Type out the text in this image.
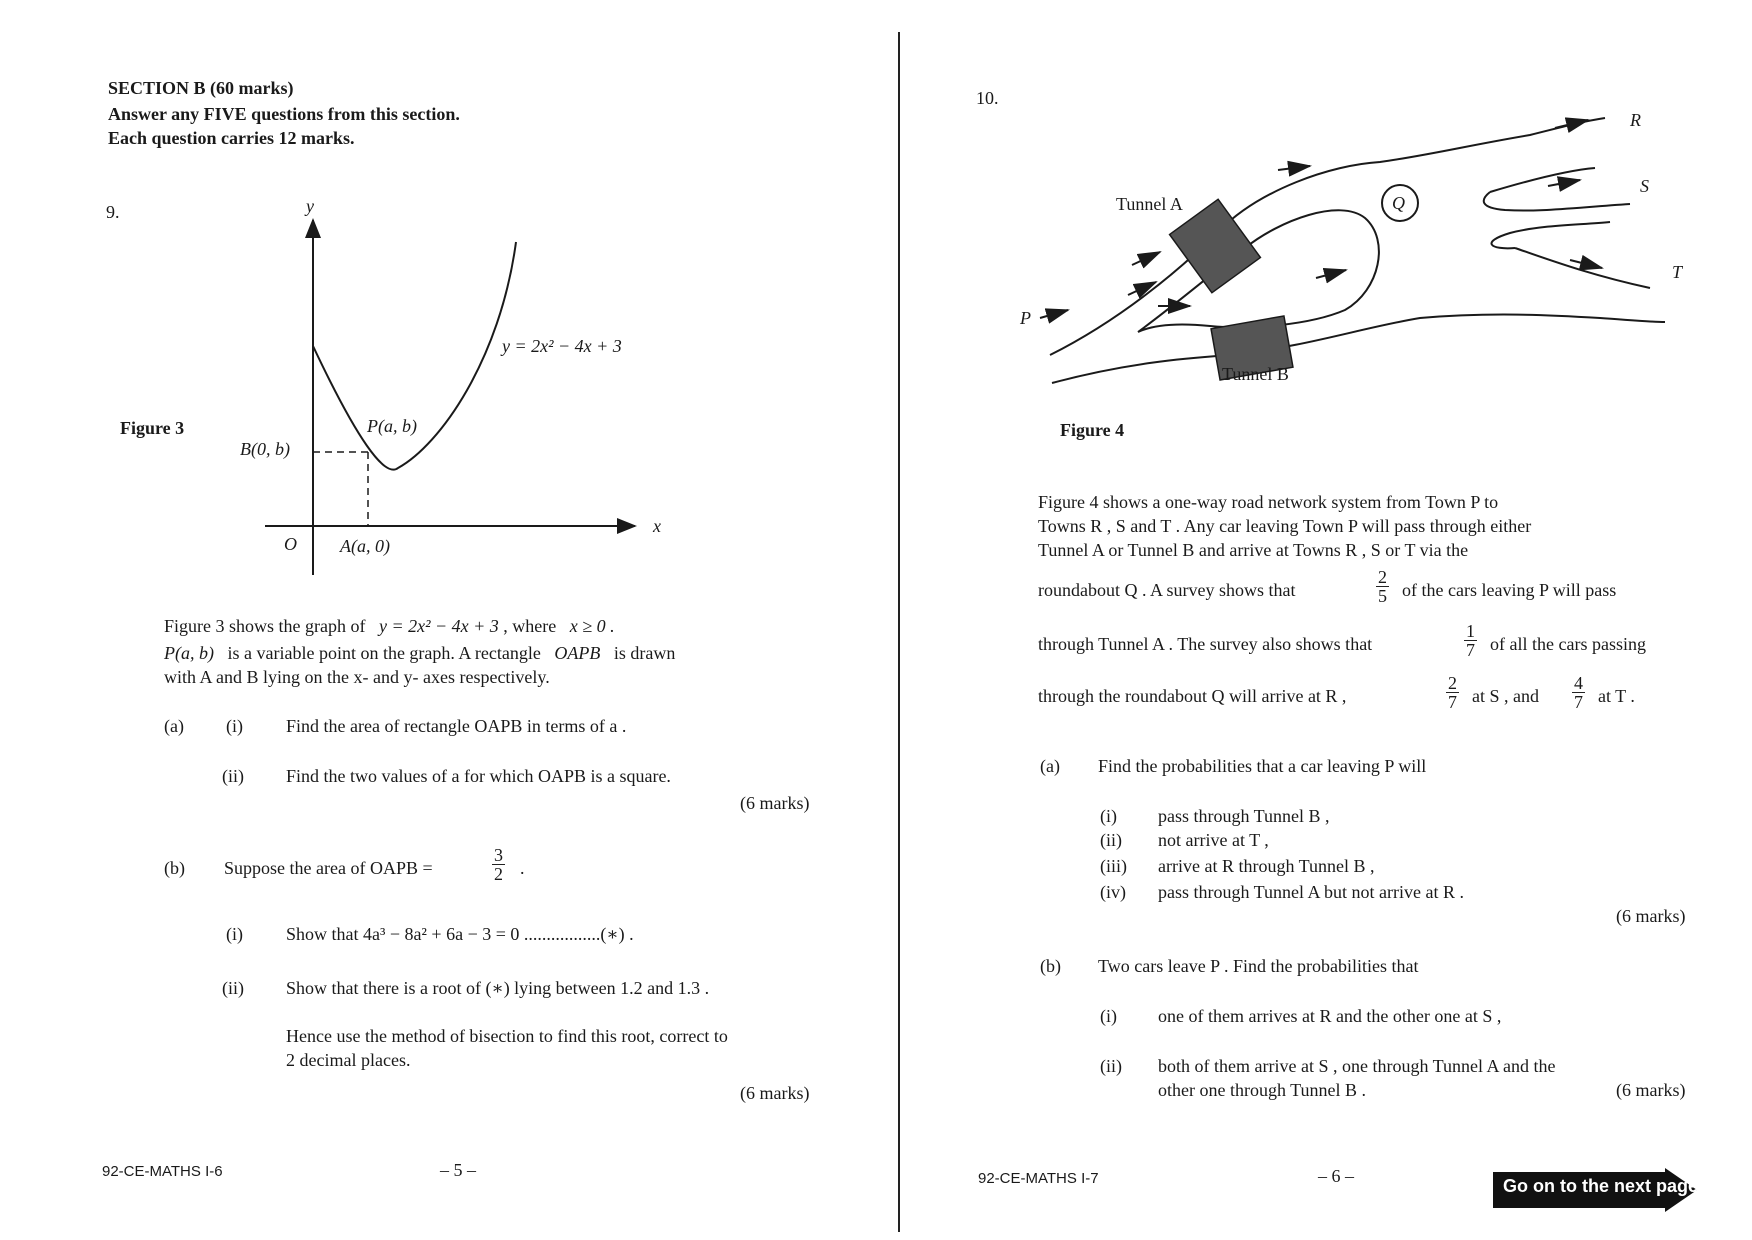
SECTION B (60 marks)
Answer any FIVE questions from this section.
Each question carries 12 marks.
9.
Figure 3
y
x
O
y = 2x² − 4x + 3
P(a, b)
B(0, b)
A(a, 0)
Figure 3 shows the graph of y = 2x² − 4x + 3 , where x ≥ 0 .
P(a, b) is a variable point on the graph. A rectangle OAPB is drawn
with A and B lying on the x- and y- axes respectively.
(a) (i) Find the area of rectangle OAPB in terms of a .
(ii) Find the two values of a for which OAPB is a square.
(6 marks)
(b) Suppose the area of OAPB =	$\frac{3}{2}$ .
(i) Show that 4a³ − 8a² + 6a − 3 = 0 .................(∗) .
(ii) Show that there is a root of (∗) lying between 1.2 and 1.3 .
Hence use the method of bisection to find this root, correct to
2 decimal places.
(6 marks)
92-CE-MATHS I-6	– 5 –
10.
P
Q
R
S
T
Tunnel A
Tunnel B
Figure 4
Figure 4 shows a one-way road network system from Town P to
Towns R , S and T . Any car leaving Town P will pass through either
Tunnel A or Tunnel B and arrive at Towns R , S or T via the
roundabout Q . A survey shows that	$\frac{2}{5}$ of the cars leaving P will pass
through Tunnel A . The survey also shows that	$\frac{1}{7}$ of all the cars passing
through the roundabout Q will arrive at R ,	$\frac{2}{7}$ at S , and $\frac{4}{7}$ at T .
(a) Find the probabilities that a car leaving P will
(i) pass through Tunnel B ,
(ii) not arrive at T ,
(iii) arrive at R through Tunnel B ,
(iv) pass through Tunnel A but not arrive at R .
(6 marks)
(b) Two cars leave P . Find the probabilities that
(i) one of them arrives at R and the other one at S ,
(ii) both of them arrive at S , one through Tunnel A and the
other one through Tunnel B .	(6 marks)
92-CE-MATHS I-7	– 6 –	Go on to the next page
